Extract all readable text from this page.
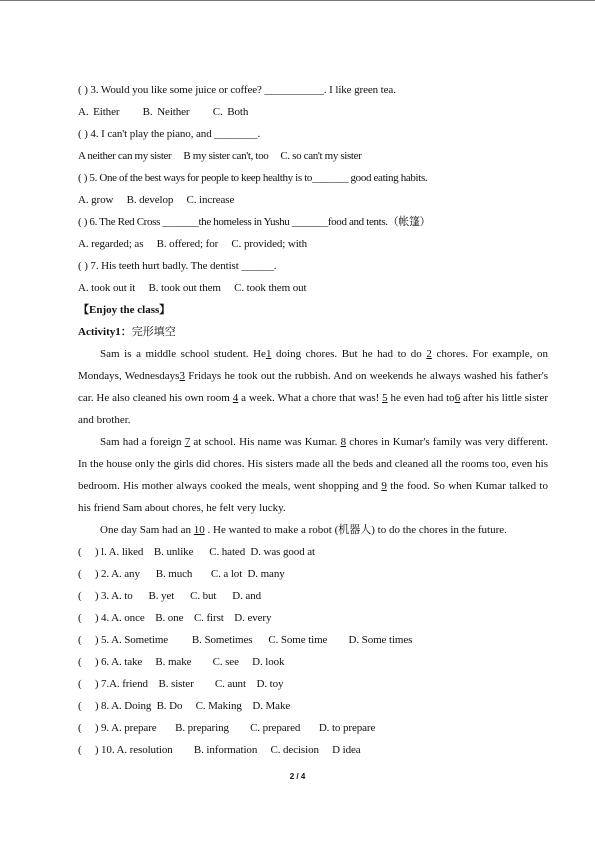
( ) 3. Would you like some juice or coffee? ___________. I like green tea.
A. Either     B. Neither     C. Both
( ) 4. I can't play the piano, and ________.
A neither can my sister     B my sister can't, too     C. so can't my sister
( ) 5. One of the best ways for people to keep healthy is to_______ good eating habits.
A. grow     B. develop     C. increase
( ) 6. The Red Cross _______the homeless in Yushu _______food and tents.（帐篷）
A. regarded; as     B. offered; for     C. provided; with
( ) 7. His teeth hurt badly. The dentist ______.
A. took out it     B. took out them     C. took them out
【Enjoy the class】
Activity1：完形填空

Sam is a middle school student. He1 doing chores. But he had to do 2 chores. For example, on Mondays, Wednesdays3 Fridays he took out the rubbish. And on weekends he always washed his father's car. He also cleaned his own room 4 a week. What a chore that was! 5 he even had to6 after his little sister and brother.

Sam had a foreign 7 at school. His name was Kumar. 8 chores in Kumar's family was very different. In the house only the girls did chores. His sisters made all the beds and cleaned all the rooms too, even his bedroom. His mother always cooked the meals, went shopping and 9 the food. So when Kumar talked to his friend Sam about chores, he felt very lucky.

One day Sam had an 10 . He wanted to make a robot (机器人) to do the chores in the future.

(     ) l. A. liked    B. unlike      C. hated  D. was good at
(     ) 2. A. any      B. much       C. a lot  D. many
(     ) 3. A. to      B. yet      C. but      D. and
(     ) 4. A. once    B. one    C. first    D. every
(     ) 5. A. Sometime         B. Sometimes      C. Some time        D. Some times
(     ) 6. A. take     B. make        C. see     D. look
(     ) 7.A. friend    B. sister        C. aunt    D. toy
(     ) 8. A. Doing  B. Do     C. Making    D. Make
(     ) 9. A. prepare       B. preparing        C. prepared       D. to prepare
(     ) 10. A. resolution        B. information     C. decision     D idea
2 / 4
